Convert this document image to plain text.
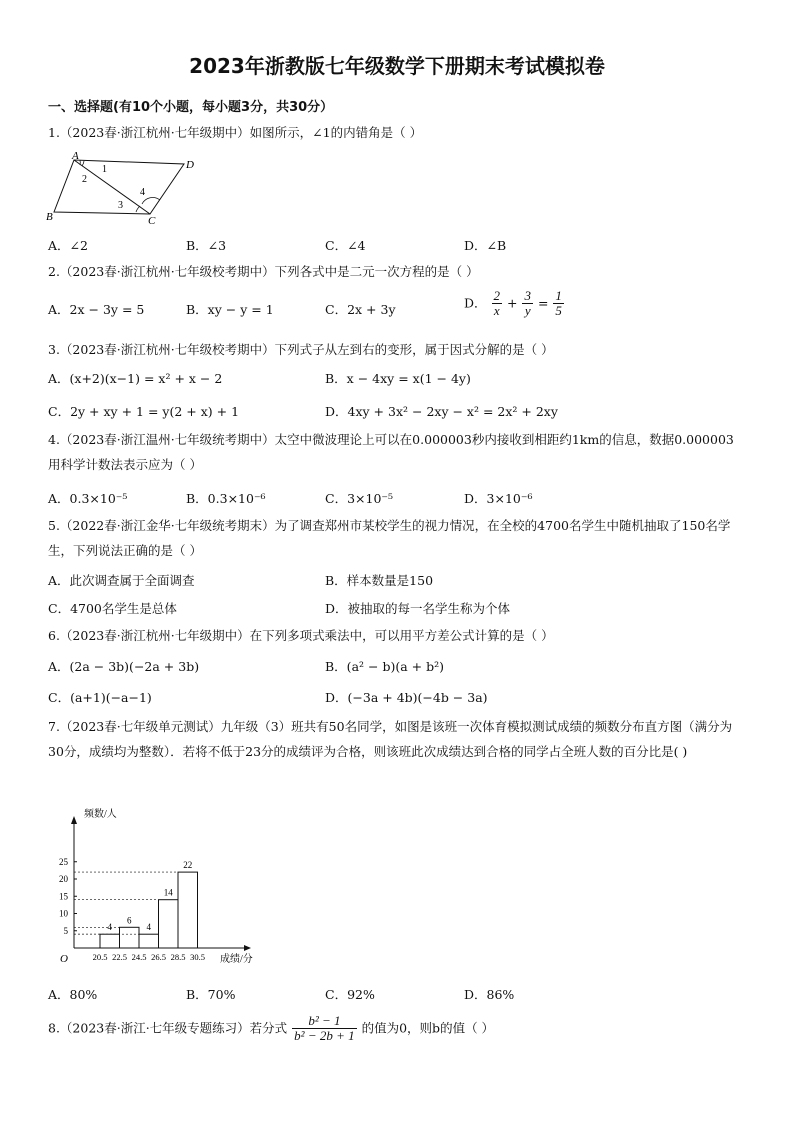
2023年浙教版七年级数学下册期末考试模拟卷
一、选择题(有10个小题，每小题3分，共30分）
1.（2023春·浙江杭州·七年级期中）如图所示，∠1的内错角是（ ）
A
D
B	C
1
2
3
4
A．∠2	B．∠3	C．∠4	D．∠B
2.（2023春·浙江杭州·七年级校考期中）下列各式中是二元一次方程的是（ ）
A．2x − 3y = 5	B．xy − y = 1	C．2x + 3y	D． $\frac{2}{x} + \frac{3}{y} = \frac{1}{5}$
3.（2023春·浙江杭州·七年级校考期中）下列式子从左到右的变形，属于因式分解的是（ ）
A．(x+2)(x−1) = x² + x − 2	B．x − 4xy = x(1 − 4y)
C．2y + xy + 1 = y(2 + x) + 1	D．4xy + 3x² − 2xy − x² = 2x² + 2xy
4.（2023春·浙江温州·七年级统考期中）太空中微波理论上可以在0.000003秒内接收到相距约1km的信息，数据0.000003用科学计数法表示应为（ ）
A．0.3×10⁻⁵	B．0.3×10⁻⁶	C．3×10⁻⁵	D．3×10⁻⁶
5.（2022春·浙江金华·七年级统考期末）为了调查郑州市某校学生的视力情况，在全校的4700名学生中随机抽取了150名学生，下列说法正确的是（ ）
A．此次调查属于全面调查	B．样本数量是150
C．4700名学生是总体	D．被抽取的每一名学生称为个体
6.（2023春·浙江杭州·七年级期中）在下列多项式乘法中，可以用平方差公式计算的是（ ）
A．(2a − 3b)(−2a + 3b)	B．(a² − b)(a + b²)
C．(a+1)(−a−1)	D．(−3a + 4b)(−4b − 3a)
7.（2023春·七年级单元测试）九年级（3）班共有50名同学，如图是该班一次体育模拟测试成绩的频数分布直方图（满分为30分，成绩均为整数）．若将不低于23分的成绩评为合格，则该班此次成绩达到合格的同学占全班人数的百分比是( )
频数/人
成绩/分
O
4
6
4
14
22
5
10
15
20
25
20.5 22.5 24.5 26.5 28.5 30.5
A．80%	B．70%	C．92%	D．86%
8.（2023春·浙江·七年级专题练习）若分式 $\frac{\text{b² − 1}}{\text{b² − 2b + 1}}$ 的值为0，则b的值（ ）
